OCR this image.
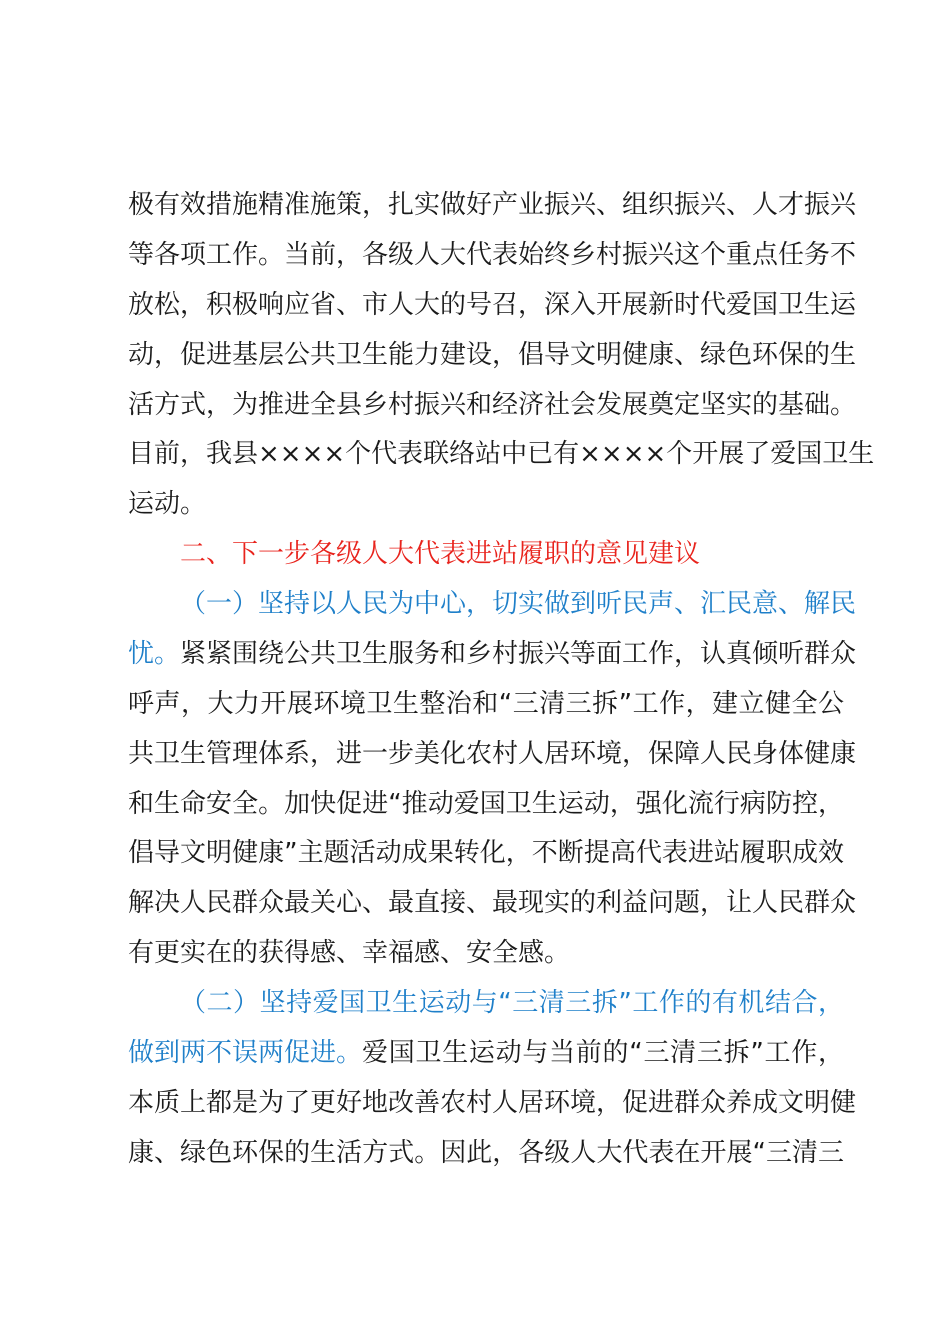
极有效措施精准施策，扎实做好产业振兴、组织振兴、人才振兴
等各项工作。当前，各级人大代表始终乡村振兴这个重点任务不
放松，积极响应省、市人大的号召，深入开展新时代爱国卫生运
动，促进基层公共卫生能力建设，倡导文明健康、绿色环保的生
活方式，为推进全县乡村振兴和经济社会发展奠定坚实的基础。
目前，我县××××个代表联络站中已有××××个开展了爱国卫生
运动。
二、下一步各级人大代表进站履职的意见建议
（一）坚持以人民为中心，切实做到听民声、汇民意、解民
忧。 紧紧围绕公共卫生服务和乡村振兴等面工作，认真倾听群众
呼声，大力开展环境卫生整治和“三清三拆”工作，建立健全公
共卫生管理体系，进一步美化农村人居环境，保障人民身体健康
和生命安全。加快促进“推动爱国卫生运动，强化流行病防控，
倡导文明健康”主题活动成果转化，不断提高代表进站履职成效
解决人民群众最关心、最直接、最现实的利益问题，让人民群众
有更实在的获得感、幸福感、安全感。
（二）坚持爱国卫生运动与“三清三拆”工作的有机结合，
做到两不误两促进。 爱国卫生运动与当前的“三清三拆”工作，
本质上都是为了更好地改善农村人居环境，促进群众养成文明健
康、绿色环保的生活方式。因此，各级人大代表在开展“三清三
